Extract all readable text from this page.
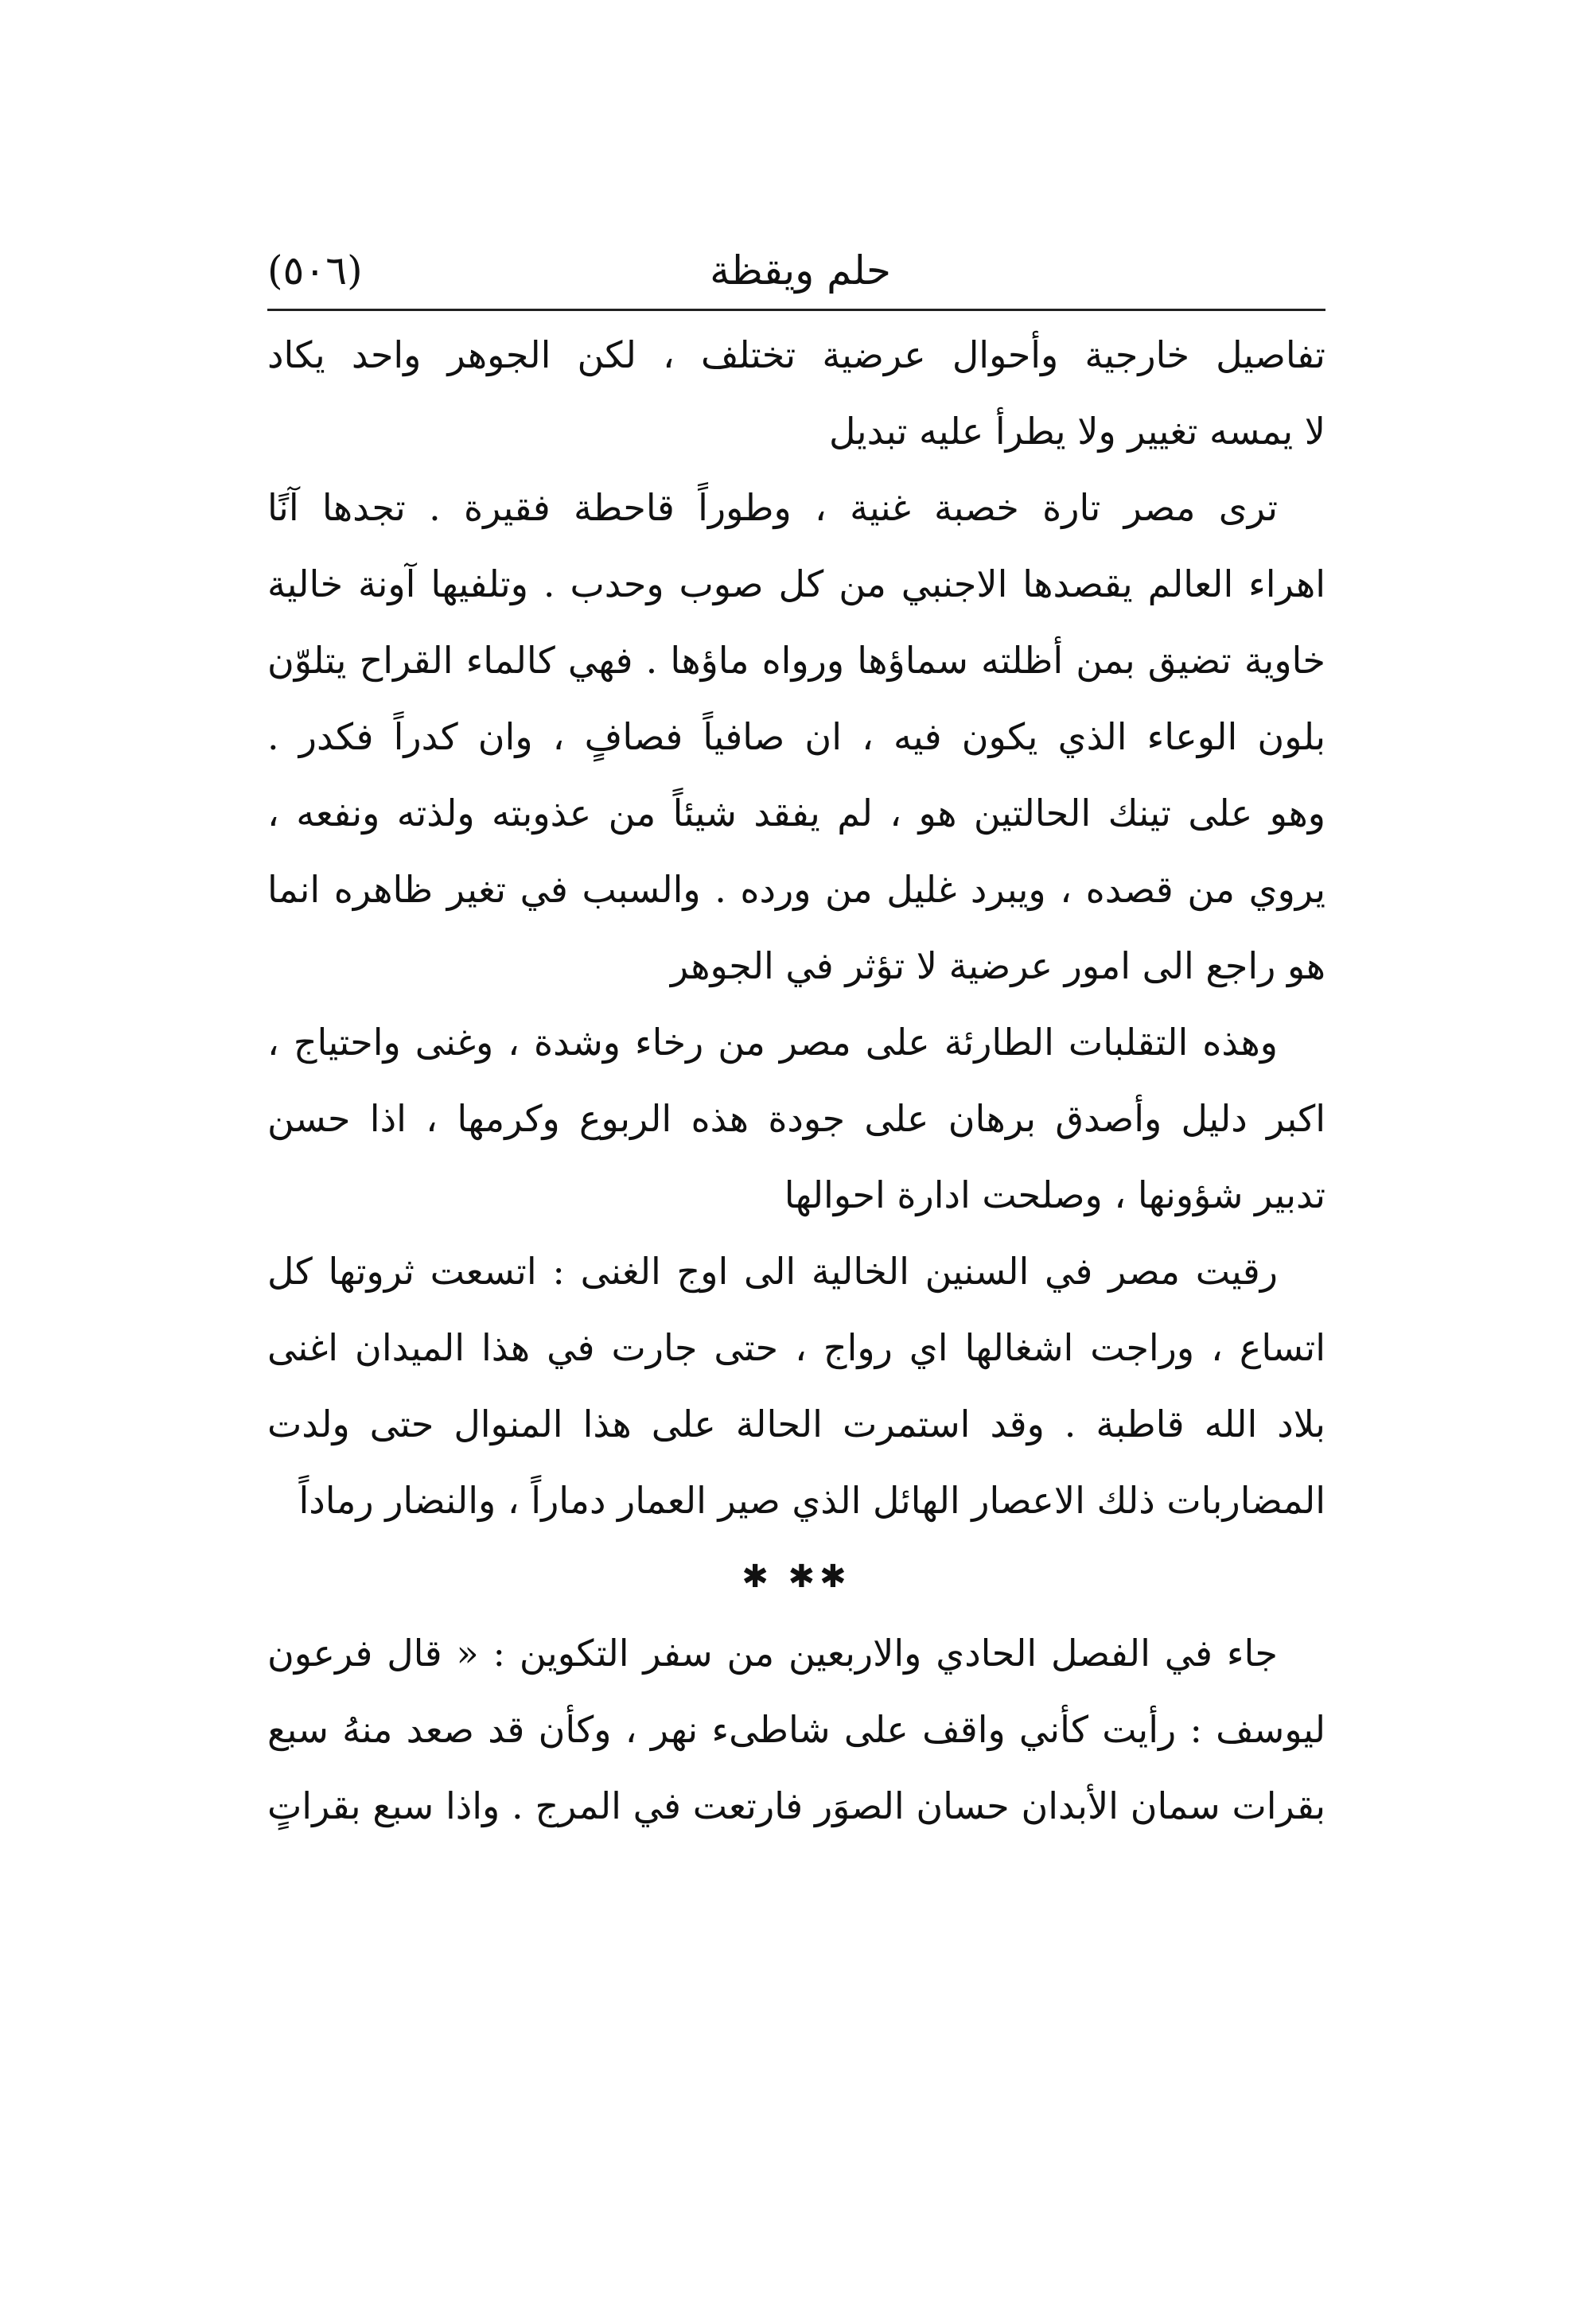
حلم ويقظة
(٥٠٦)
تفاصيل خارجية وأحوال عرضية تختلف ، لكن الجوهر واحد يكاد
لا يمسه تغيير ولا يطرأ عليه تبديل
ترى مصر تارة خصبة غنية ، وطوراً قاحطة فقيرة . تجدها آنًا
اهراء العالم يقصدها الاجنبي من كل صوب وحدب . وتلفيها آونة خالية
خاوية تضيق بمن أظلته سماؤها ورواه ماؤها . فهي كالماء القراح يتلوّن
بلون الوعاء الذي يكون فيه ، ان صافياً فصافٍ ، وان كدراً فكدر .
وهو على تينك الحالتين هو ، لم يفقد شيئاً من عذوبته ولذته ونفعه ،
يروي من قصده ، ويبرد غليل من ورده . والسبب في تغير ظاهره انما
هو راجع الى امور عرضية لا تؤثر في الجوهر
وهذه التقلبات الطارئة على مصر من رخاء وشدة ، وغنى واحتياج ،
اكبر دليل وأصدق برهان على جودة هذه الربوع وكرمها ، اذا حسن
تدبير شؤونها ، وصلحت ادارة احوالها
رقيت مصر في السنين الخالية الى اوج الغنى : اتسعت ثروتها كل
اتساع ، وراجت اشغالها اي رواج ، حتى جارت في هذا الميدان اغنى
بلاد الله قاطبة . وقد استمرت الحالة على هذا المنوال حتى ولدت
المضاربات ذلك الاعصار الهائل الذي صير العمار دماراً ، والنضار رماداً
✱✱ ✱
جاء في الفصل الحادي والاربعين من سفر التكوين : « قال فرعون
ليوسف : رأيت كأني واقف على شاطىء نهر ، وكأن قد صعد منهُ سبع
بقرات سمان الأبدان حسان الصوَر فارتعت في المرج . واذا سبع بقراتٍ
